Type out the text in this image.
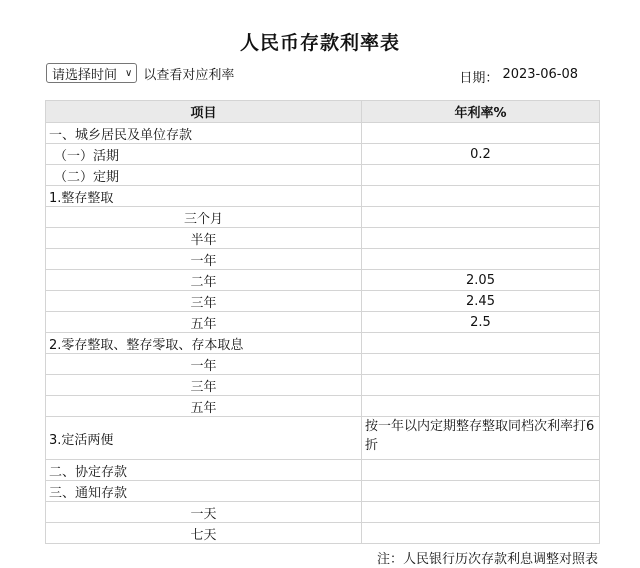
人民币存款利率表
请选择时间 ∨ 以查看对应利率	日期： 2023-06-08
项目	年利率%
一、城乡居民及单位存款	
（一）活期	0.2
（二）定期	
1.整存整取	
三个月	
半年	
一年	
二年	2.05
三年	2.45
五年	2.5
2.零存整取、整存零取、存本取息	
一年	
三年	
五年	
3.定活两便	按一年以内定期整存整取同档次利率打6折
二、协定存款	
三、通知存款	
一天	
七天	
注：人民银行历次存款利息调整对照表
